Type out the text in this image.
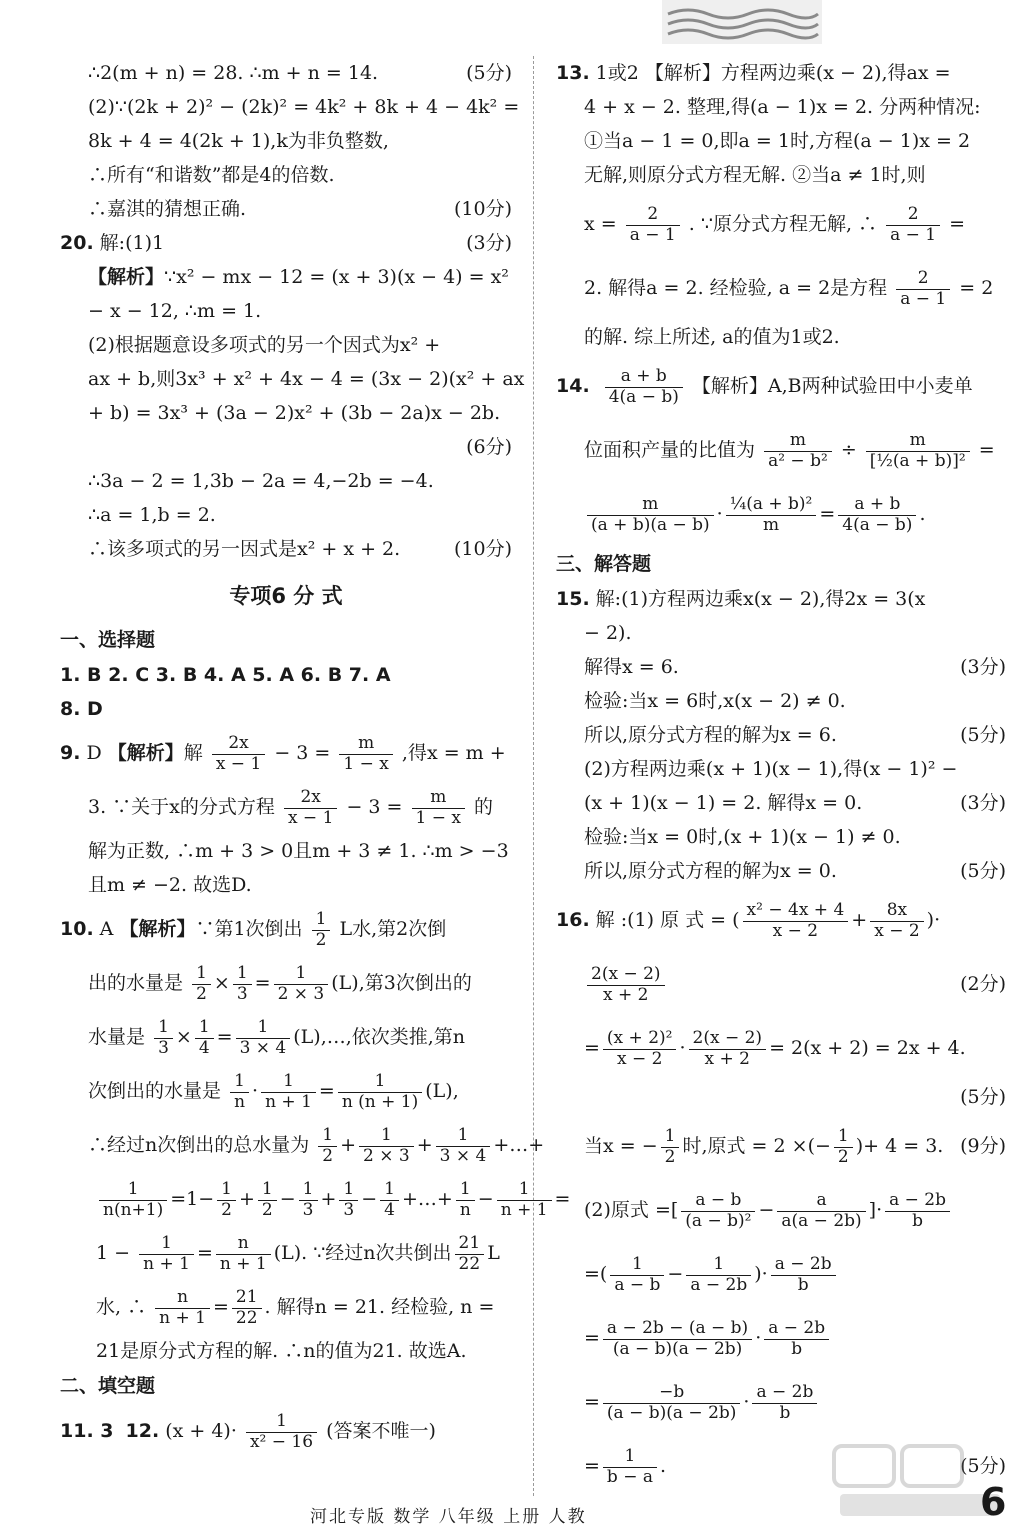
∴2(m + n) = 28. ∴m + n = 14.	(5分)
(2)∵(2k + 2)² − (2k)² = 4k² + 8k + 4 − 4k² =
8k + 4 = 4(2k + 1),k为非负整数,
∴所有“和谐数”都是4的倍数.
∴嘉淇的猜想正确.	(10分)
20. 解:(1)1	(3分)
【解析】∵x² − mx − 12 = (x + 3)(x − 4) = x²
− x − 12, ∴m = 1.
(2)根据题意设多项式的另一个因式为x² +
ax + b,则3x³ + x² + 4x − 4 = (3x − 2)(x² + ax
+ b) = 3x³ + (3a − 2)x² + (3b − 2a)x − 2b.
(6分)
∴3a − 2 = 1,3b − 2a = 4,−2b = −4.
∴a = 1,b = 2.
∴该多项式的另一因式是x² + x + 2.	(10分)
专项6 分 式
一、选择题
1. B 2. C 3. B 4. A 5. A 6. B 7. A
8. D
9. D 【解析】解 $\frac{2x}{x - 1} - 3 = \frac{m}{1 - x}$ ,得x = m +
3. ∵关于x的分式方程 $\frac{2x}{x - 1} - 3 = \frac{m}{1 - x}$ 的
解为正数, ∴m + 3 > 0且m + 3 ≠ 1. ∴m > −3
且m ≠ −2. 故选D.
10. A 【解析】∵第1次倒出 $\frac{1}{2}$ L水,第2次倒
出的水量是 $\frac{1}{2} \times \frac{1}{3} = \frac{1}{2 \times 3} (L)$,第3次倒出的
水量是 $\frac{1}{3} \times \frac{1}{4} = \frac{1}{3 \times 4}$ (L),…,依次类推,第n
次倒出的水量是 $\frac{1}{n} \cdot \frac{1}{n + 1} = \frac{1}{n (n + 1)} (L)$,
∴经过n次倒出的总水量为 $\frac{1}{2} + \frac{1}{2 \times 3} + \frac{1}{3 \times 4}$ +…+
$\frac{1}{n(n+1)} =1- \frac{1}{2} + \frac{1}{2} - \frac{1}{3} + \frac{1}{3} - \frac{1}{4}$ +…+ $\frac{1}{n} - \frac{1}{n + 1}$ =
$1 - \frac{1}{n + 1} = \frac{n}{n + 1} (L)$. ∵经过n次共倒出 $\frac{21}{22}$ L
水, ∴ $\frac{n}{n + 1} = \frac{21}{22}$ . 解得n = 21. 经检验, n =
21是原分式方程的解. ∴n的值为21. 故选A.
二、填空题
11. 3 12. $(x + 4)\cdot \frac{1}{\text{x² − 16}}$ (答案不唯一)
13. 1或2 【解析】方程两边乘(x − 2),得ax =
4 + x − 2. 整理,得(a − 1)x = 2. 分两种情况:
①当a − 1 = 0,即a = 1时,方程(a − 1)x = 2
无解,则原分式方程无解. ②当a ≠ 1时,则
$x = \frac{2}{a - 1}$ . ∵原分式方程无解, ∴ $\frac{2}{a - 1}$ =
2. 解得a = 2. 经检验, a = 2是方程 $\frac{2}{a - 1} = 2$
的解. 综上所述, a的值为1或2.
14. $\frac{a + b}{4(a - b)}$ 【解析】A,B两种试验田中小麦单
位面积产量的比值为 $\frac{m}{\text{a² − b²}} \div \frac{m}{\text{[½(a + b)]²}}$ =
$\frac{m}{(a + b)(a - b)} \cdot \frac{\text{¼(a + b)²}}{m} = \frac{a + b}{4(a - b)}$ .
三、解答题
15. 解:(1)方程两边乘x(x − 2),得2x = 3(x
− 2).
解得x = 6.	(3分)
检验:当x = 6时,x(x − 2) ≠ 0.
所以,原分式方程的解为x = 6.	(5分)
(2)方程两边乘(x + 1)(x − 1),得(x − 1)² −
(x + 1)(x − 1) = 2. 解得x = 0.	(3分)
检验:当x = 0时,(x + 1)(x − 1) ≠ 0.
所以,原分式方程的解为x = 0.	(5分)
16. 解 :(1) 原 式 = ( $\frac{\text{x² − 4x + 4}}{x - 2} + \frac{8x}{x - 2}$ )·
$\frac{2(x - 2)}{x + 2}$	(2分)
= $\frac{\text{(x + 2)²}}{x - 2} \cdot \frac{2(x - 2)}{x + 2} = 2(x + 2) = 2x + 4$.
(5分)
当x = − $\frac{1}{2}$ 时,原式 = 2 ×(− $\frac{1}{2}$ )+ 4 = 3. (9分)
(2)原式 =[ $\frac{a - b}{\text{(a − b)²}} - \frac{a}{a(a - 2b)}$ ]· $\frac{a - 2b}{b}$
=( $\frac{1}{a - b} - \frac{1}{a - 2b}$ )· $\frac{a - 2b}{b}$
= $\frac{a - 2b - (a - b)}{(a - b)(a - 2b)} \cdot \frac{a - 2b}{b}$
= $\frac{-b}{(a - b)(a - 2b)} \cdot \frac{a - 2b}{b}$
= $\frac{1}{b - a}$ .	(5分)
河北专版 数学 八年级 上册 人教	6
